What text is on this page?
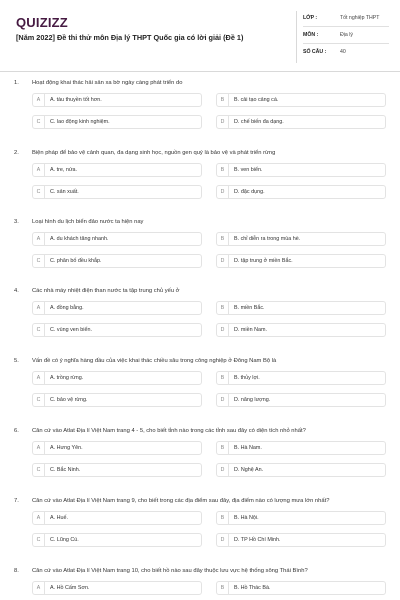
QUIZIZZ
[Năm 2022] Đề thi thử môn Địa lý THPT Quốc gia có lời giải (Đề 1)
LỚP :	Tốt nghiệp THPT
MÔN :	Địa lý
SỐ CÂU :	40
1. Hoạt động khai thác hải sản xa bờ ngày càng phát triển do
A	A. tàu thuyền tốt hơn.	B	B. cải tạo cảng cá.
C	C. lao động kinh nghiệm.	D	D. chế biến đa dạng.
2. Biện pháp để bảo vệ cảnh quan, đa dạng sinh học, nguồn gen quý là bảo vệ và phát triển rừng
A	A. tre, nứa.	B	B. ven biển.
C	C. sản xuất.	D	D. đặc dụng.
3. Loại hình du lịch biển đảo nước ta hiện nay
A	A. du khách tăng nhanh.	B	B. chỉ diễn ra trong mùa hè.
C	C. phân bố đều khắp.	D	D. tập trung ở miền Bắc.
4. Các nhà máy nhiệt điện than nước ta tập trung chủ yếu ở
A	A. đồng bằng.	B	B. miền Bắc.
C	C. vùng ven biển.	D	D. miền Nam.
5. Vấn đề có ý nghĩa hàng đầu của việc khai thác chiều sâu trong công nghiệp ở Đông Nam Bộ là
A	A. trồng rừng.	B	B. thủy lợi.
C	C. bảo vệ rừng.	D	D. năng lượng.
6. Căn cứ vào Atlat Địa lí Việt Nam trang 4 - 5, cho biết tỉnh nào trong các tỉnh sau đây có diện tích nhỏ nhất?
A	A. Hưng Yên.	B	B. Hà Nam.
C	C. Bắc Ninh.	D	D. Nghệ An.
7. Căn cứ vào Atlat Địa lí Việt Nam trang 9, cho biết trong các địa điểm sau đây, địa điểm nào có lượng mưa lớn nhất?
A	A. Huế.	B	B. Hà Nội.
C	C. Lũng Cú.	D	D. TP Hồ Chí Minh.
8. Căn cứ vào Atlat Địa lí Việt Nam trang 10, cho biết hồ nào sau đây thuộc lưu vực hệ thống sông Thái Bình?
A	A. Hồ Cấm Sơn.	B	B. Hồ Thác Bà.
